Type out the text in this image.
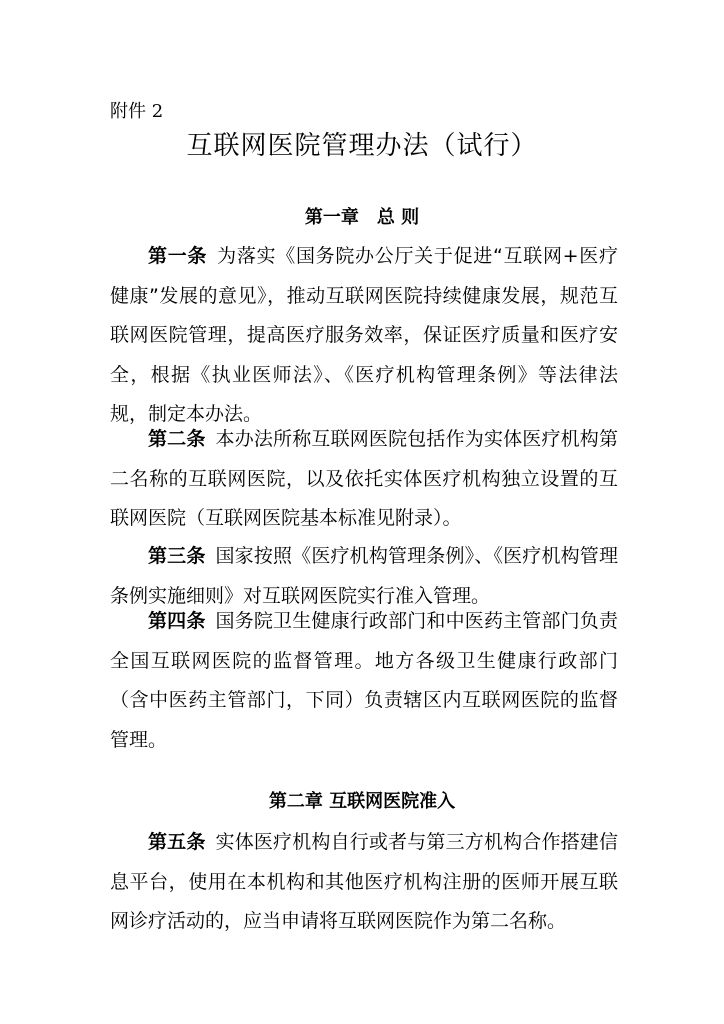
附件 2
互联网医院管理办法（试行）
第一章　总 则

第一条 为落实《国务院办公厅关于促进“互联网+医疗健康”发展的意见》，推动互联网医院持续健康发展，规范互联网医院管理，提高医疗服务效率，保证医疗质量和医疗安全，根据《执业医师法》、《医疗机构管理条例》等法律法规，制定本办法。

第二条 本办法所称互联网医院包括作为实体医疗机构第二名称的互联网医院，以及依托实体医疗机构独立设置的互联网医院（互联网医院基本标准见附录）。

第三条 国家按照《医疗机构管理条例》、《医疗机构管理条例实施细则》对互联网医院实行准入管理。

第四条 国务院卫生健康行政部门和中医药主管部门负责全国互联网医院的监督管理。地方各级卫生健康行政部门（含中医药主管部门，下同）负责辖区内互联网医院的监督管理。

第二章 互联网医院准入

第五条 实体医疗机构自行或者与第三方机构合作搭建信息平台，使用在本机构和其他医疗机构注册的医师开展互联网诊疗活动的，应当申请将互联网医院作为第二名称。
